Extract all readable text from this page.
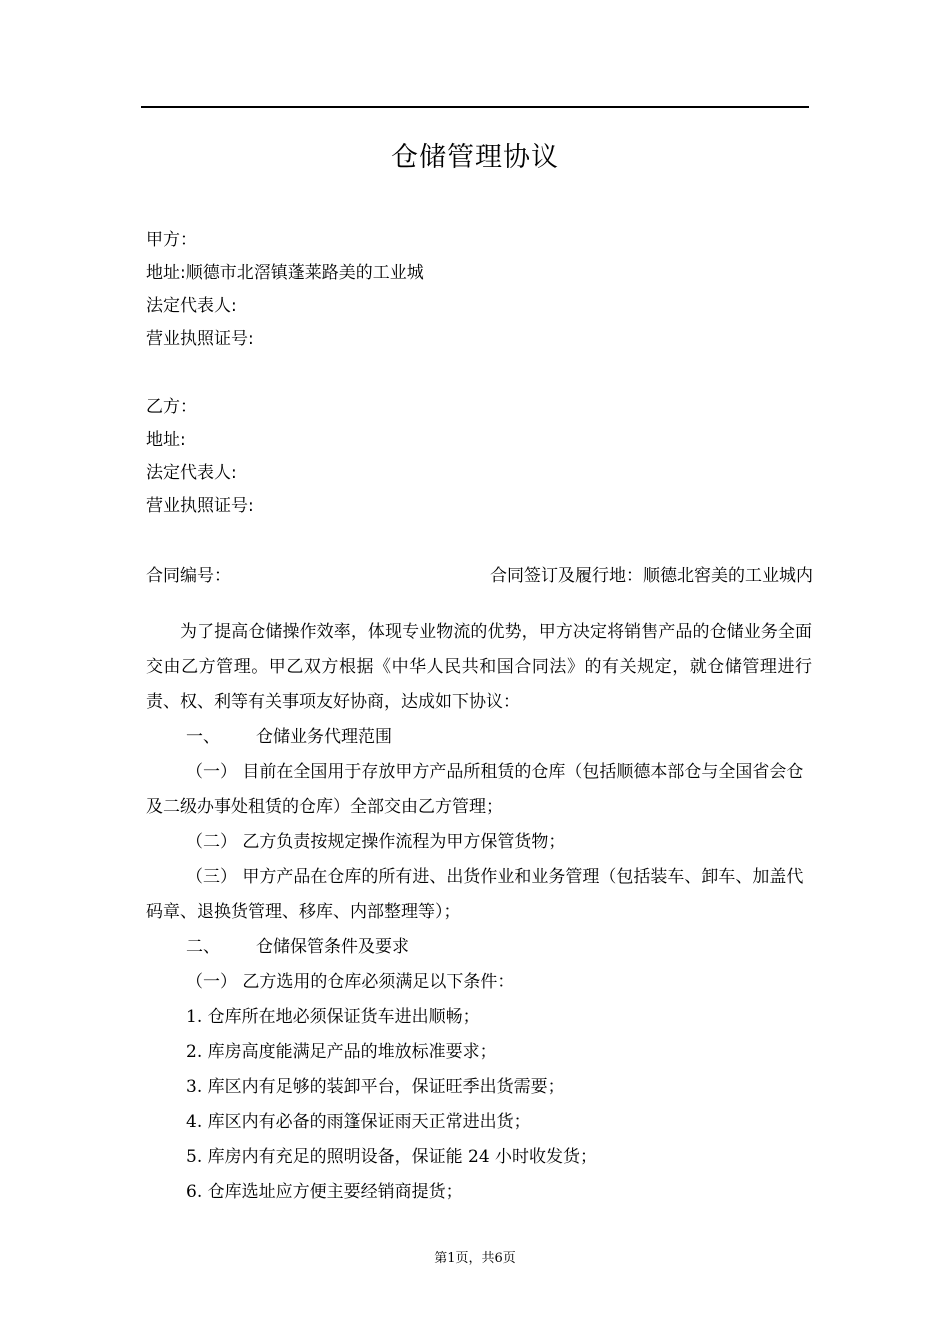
仓储管理协议
甲方：
地址:顺德市北滘镇蓬莱路美的工业城
法定代表人:
营业执照证号:
乙方：
地址:
法定代表人:
营业执照证号:
合同编号：	合同签订及履行地：顺德北窖美的工业城内

为了提高仓储操作效率，体现专业物流的优势，甲方决定将销售产品的仓储业务全面交由乙方管理。甲乙双方根据《中华人民共和国合同法》的有关规定，就仓储管理进行责、权、利等有关事项友好协商，达成如下协议：

一、 仓储业务代理范围

（一） 目前在全国用于存放甲方产品所租赁的仓库（包括顺德本部仓与全国省会仓及二级办事处租赁的仓库）全部交由乙方管理；

（二） 乙方负责按规定操作流程为甲方保管货物；

（三） 甲方产品在仓库的所有进、出货作业和业务管理（包括装车、卸车、加盖代码章、退换货管理、移库、内部整理等）；

二、 仓储保管条件及要求

（一） 乙方选用的仓库必须满足以下条件：

1. 仓库所在地必须保证货车进出顺畅；

2. 库房高度能满足产品的堆放标准要求；

3. 库区内有足够的装卸平台，保证旺季出货需要；

4. 库区内有必备的雨篷保证雨天正常进出货；

5. 库房内有充足的照明设备，保证能 24 小时收发货；

6. 仓库选址应方便主要经销商提货；

第1页，共6页
